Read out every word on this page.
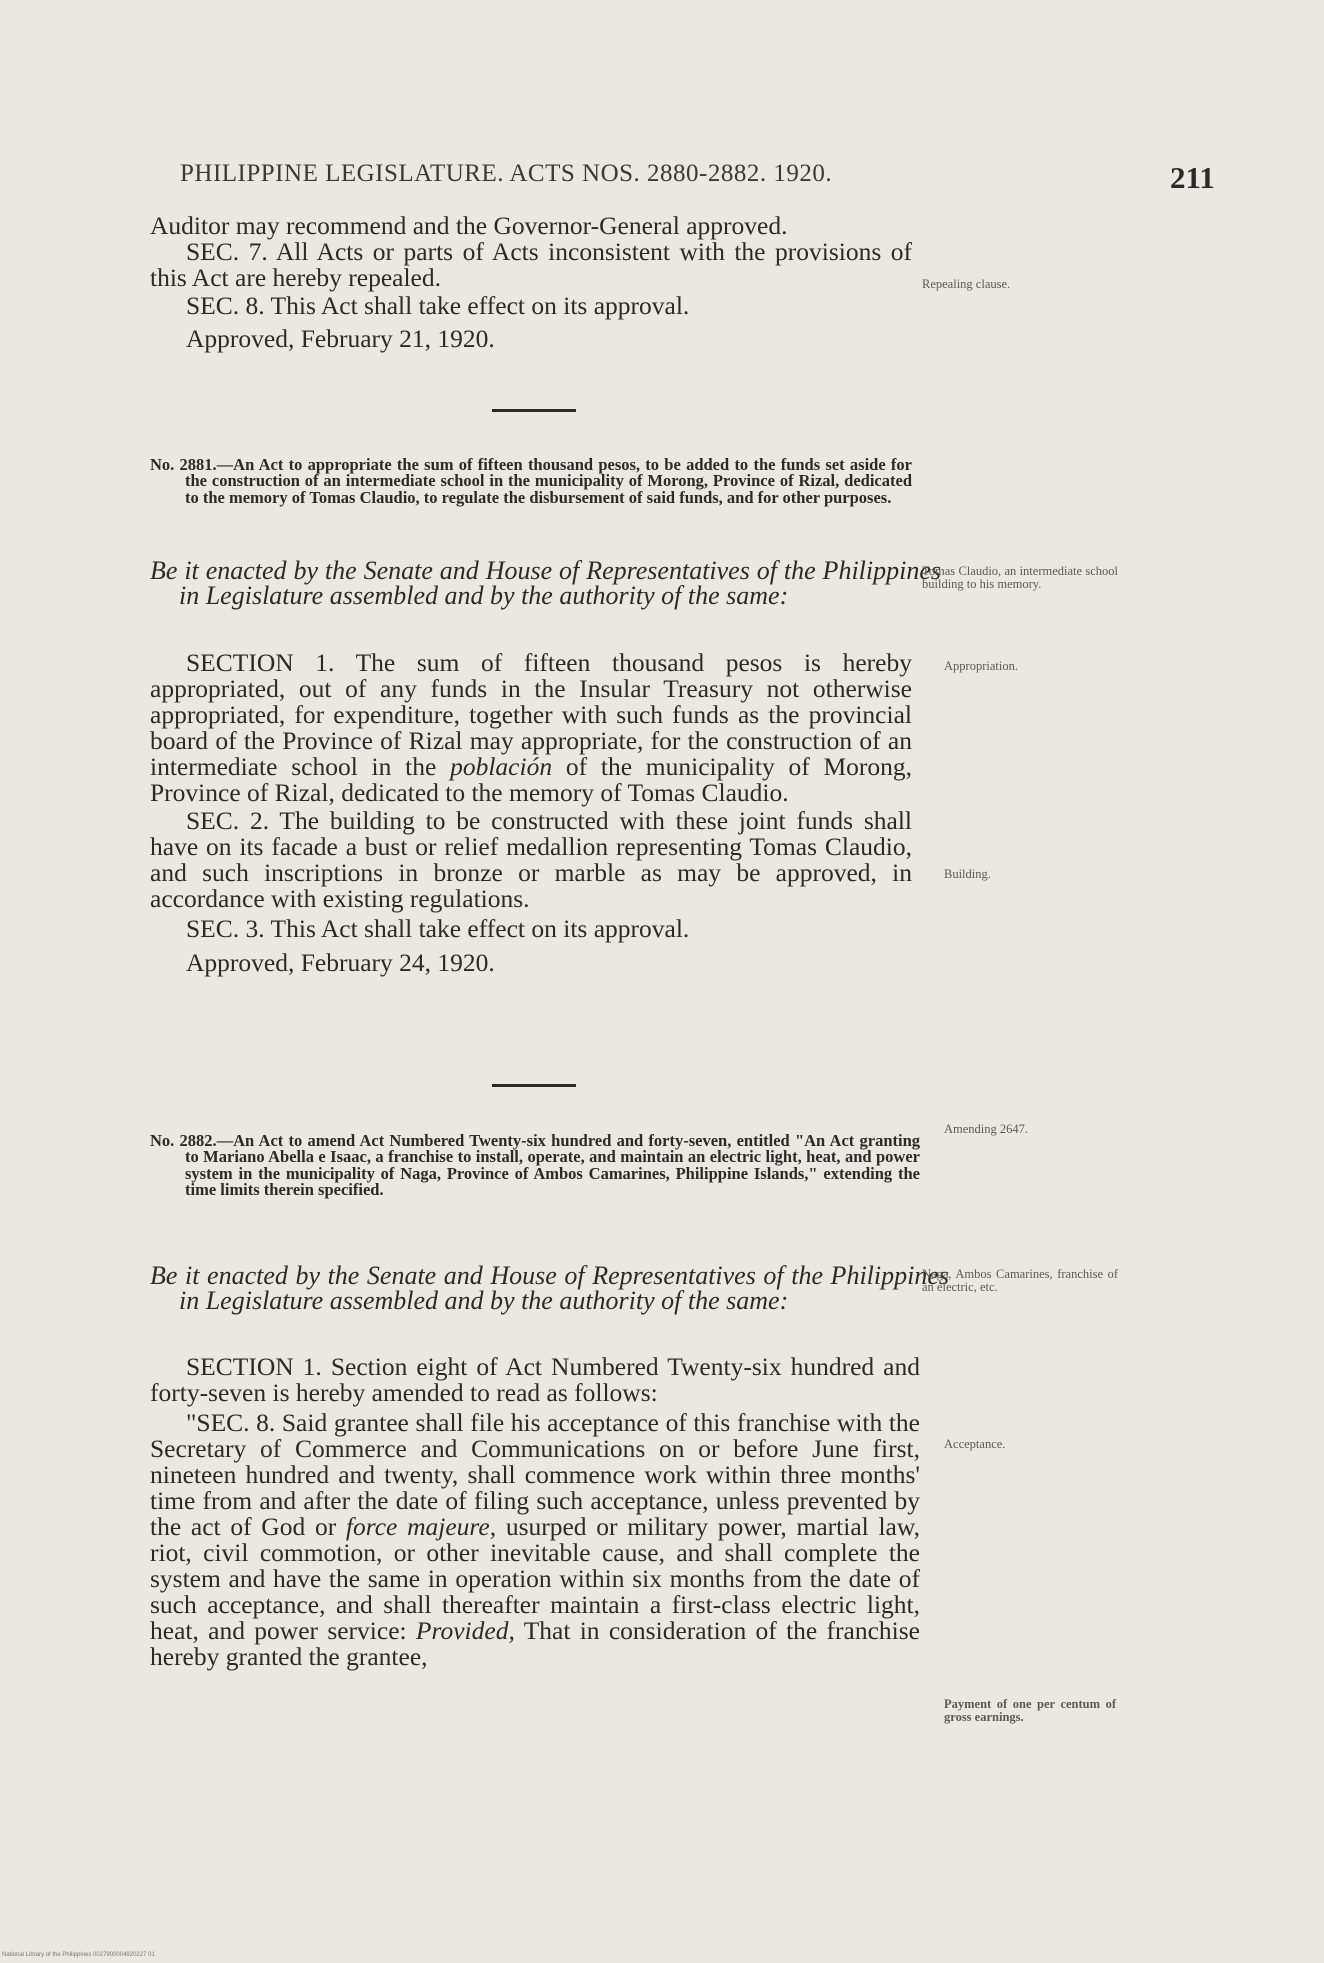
PHILIPPINE LEGISLATURE. ACTS NOS. 2880-2882. 1920.	211

Auditor may recommend and the Governor-General approved.

SEC. 7. All Acts or parts of Acts inconsistent with the provisions of this Act are hereby repealed.

SEC. 8. This Act shall take effect on its approval.

Approved, February 21, 1920.

Repealing clause.

No. 2881.—An Act to appropriate the sum of fifteen thousand pesos, to be added to the funds set aside for the construction of an intermediate school in the municipality of Morong, Province of Rizal, dedicated to the memory of Tomas Claudio, to regulate the disbursement of said funds, and for other purposes.

Be it enacted by the Senate and House of Representatives of the Philippines in Legislature assembled and by the authority of the same:

Tomas Claudio, an intermediate school building to his memory.

SECTION 1. The sum of fifteen thousand pesos is hereby appropriated, out of any funds in the Insular Treasury not otherwise appropriated, for expenditure, together with such funds as the provincial board of the Province of Rizal may appropriate, for the construction of an intermediate school in the población of the municipality of Morong, Province of Rizal, dedicated to the memory of Tomas Claudio.

SEC. 2. The building to be constructed with these joint funds shall have on its facade a bust or relief medallion representing Tomas Claudio, and such inscriptions in bronze or marble as may be approved, in accordance with existing regulations.

SEC. 3. This Act shall take effect on its approval.

Approved, February 24, 1920.

Appropriation.

Building.

No. 2882.—An Act to amend Act Numbered Twenty-six hundred and forty-seven, entitled "An Act granting to Mariano Abella e Isaac, a franchise to install, operate, and maintain an electric light, heat, and power system in the municipality of Naga, Province of Ambos Camarines, Philippine Islands," extending the time limits therein specified.

Amending 2647.

Be it enacted by the Senate and House of Representatives of the Philippines in Legislature assembled and by the authority of the same:

Naga, Ambos Camarines, franchise of an electric, etc.

SECTION 1. Section eight of Act Numbered Twenty-six hundred and forty-seven is hereby amended to read as follows:

"SEC. 8. Said grantee shall file his acceptance of this franchise with the Secretary of Commerce and Communications on or before June first, nineteen hundred and twenty, shall commence work within three months' time from and after the date of filing such acceptance, unless prevented by the act of God or force majeure, usurped or military power, martial law, riot, civil commotion, or other inevitable cause, and shall complete the system and have the same in operation within six months from the date of such acceptance, and shall thereafter maintain a first-class electric light, heat, and power service: Provided, That in consideration of the franchise hereby granted the grantee,

Acceptance.

Payment of one per centum of gross earnings.

National Library of the Philippines 0027900004920227 01
